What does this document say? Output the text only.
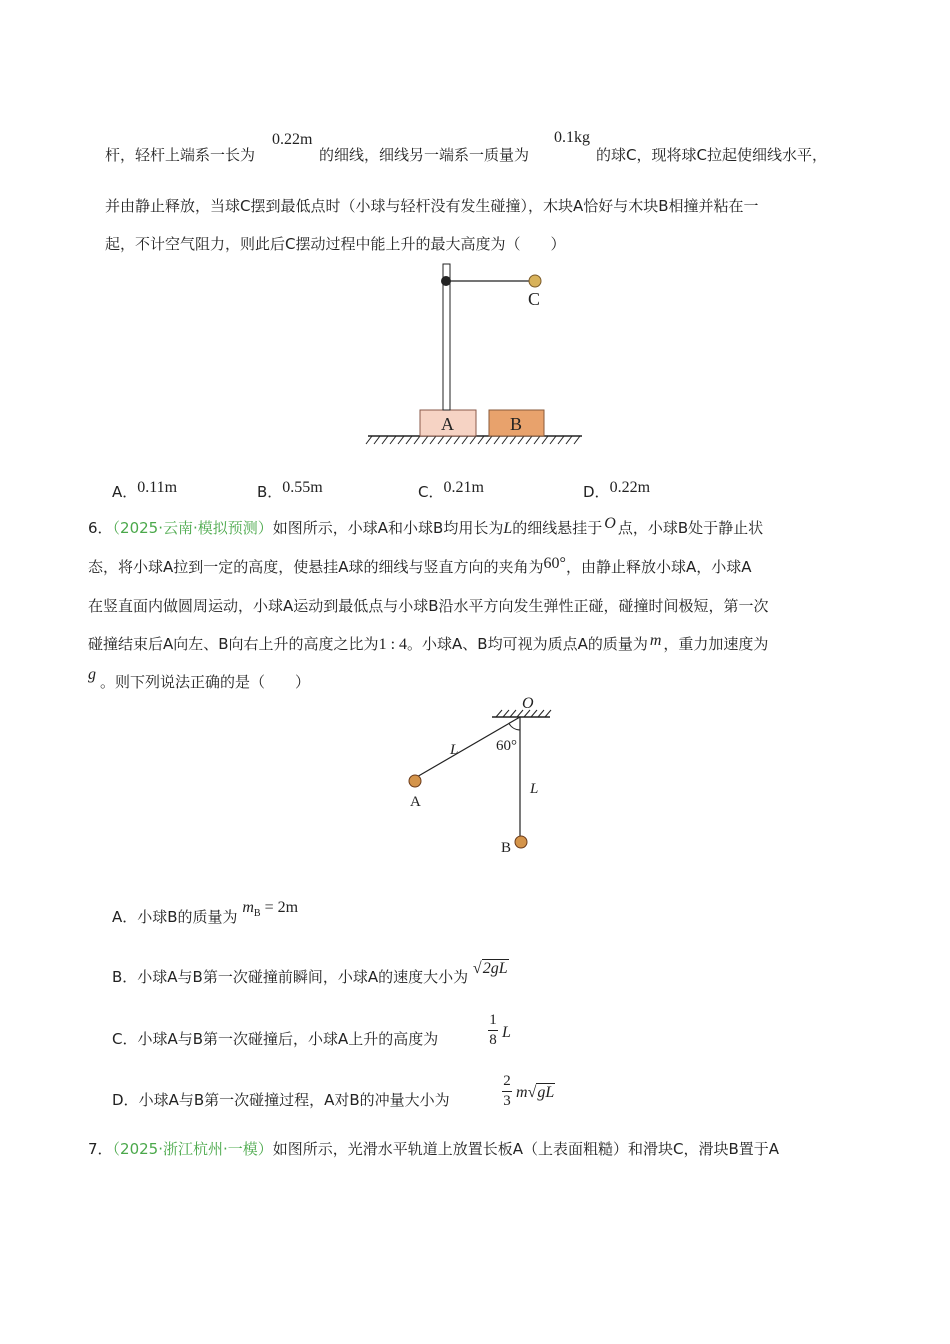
杆，轻杆上端系一长为
0.22m
的细线，细线另一端系一质量为
0.1kg
的球C，现将球C拉起使细线水平，
并由静止释放，当球C摆到最低点时（小球与轻杆没有发生碰撞），木块A恰好与木块B相撞并粘在一
起，不计空气阻力，则此后C摆动过程中能上升的最大高度为（　　）
C
A	B
A．0.11m	B．0.55m	C．0.21m	D．0.22m
6．（2025·云南·模拟预测）如图所示，小球A和小球B均用长为L的细线悬挂于 O 点，小球B处于静止状
态，将小球A拉到一定的高度，使悬挂A球的细线与竖直方向的夹角为60°，由静止释放小球A，小球A
在竖直面内做圆周运动，小球A运动到最低点与小球B沿水平方向发生弹性正碰，碰撞时间极短，第一次
碰撞结束后A向左、B向右上升的高度之比为1 : 4。小球A、B均可视为质点A的质量为 m ，重力加速度为
g 。则下列说法正确的是（　　）
O
60°
L
L
A
B
A．小球B的质量为 $m_B = 2m$
B．小球A与B第一次碰撞前瞬间，小球A的速度大小为 √2gL
C．小球A与B第一次碰撞后，小球A上升的高度为
1
8 L
D．小球A与B第一次碰撞过程，A对B的冲量大小为
2
3 m√gL
7．（2025·浙江杭州·一模）如图所示，光滑水平轨道上放置长板A（上表面粗糙）和滑块C，滑块B置于A
